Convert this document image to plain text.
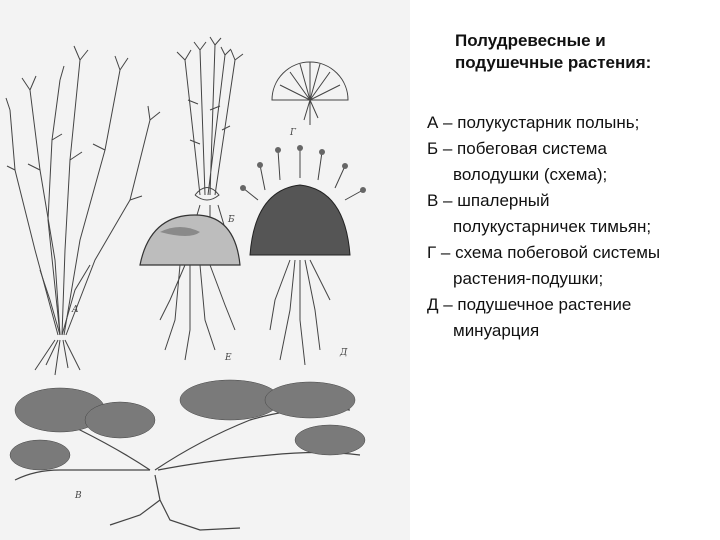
A
Б
Г
Е	Д
В
Полудревесные и
подушечные растения:
А – полукустарник полынь;
Б – побеговая система
володушки (схема);
В – шпалерный
полукустарничек тимьян;
Г – схема побеговой системы
растения-подушки;
Д – подушечное растение
минуарция
